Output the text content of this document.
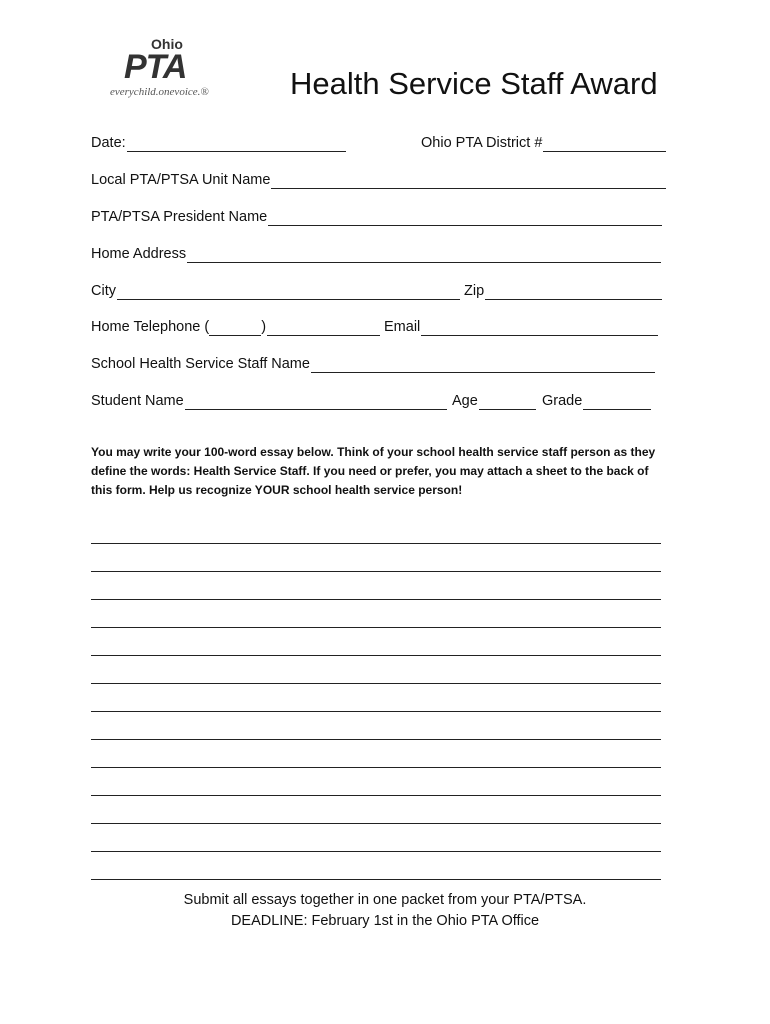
Ohio
PTA
everychild.onevoice.®	Health Service Staff Award
Date:	Ohio PTA District #
Local PTA/PTSA Unit Name
PTA/PTSA President Name
Home Address
City	Zip
Home Telephone (	)	Email
School Health Service Staff Name
Student Name	Age	Grade
You may write your 100-word essay below. Think of your school health service staff person as they define the words: Health Service Staff. If you need or prefer, you may attach a sheet to the back of this form. Help us recognize YOUR school health service person!
Submit all essays together in one packet from your PTA/PTSA.
DEADLINE: February 1st in the Ohio PTA Office
